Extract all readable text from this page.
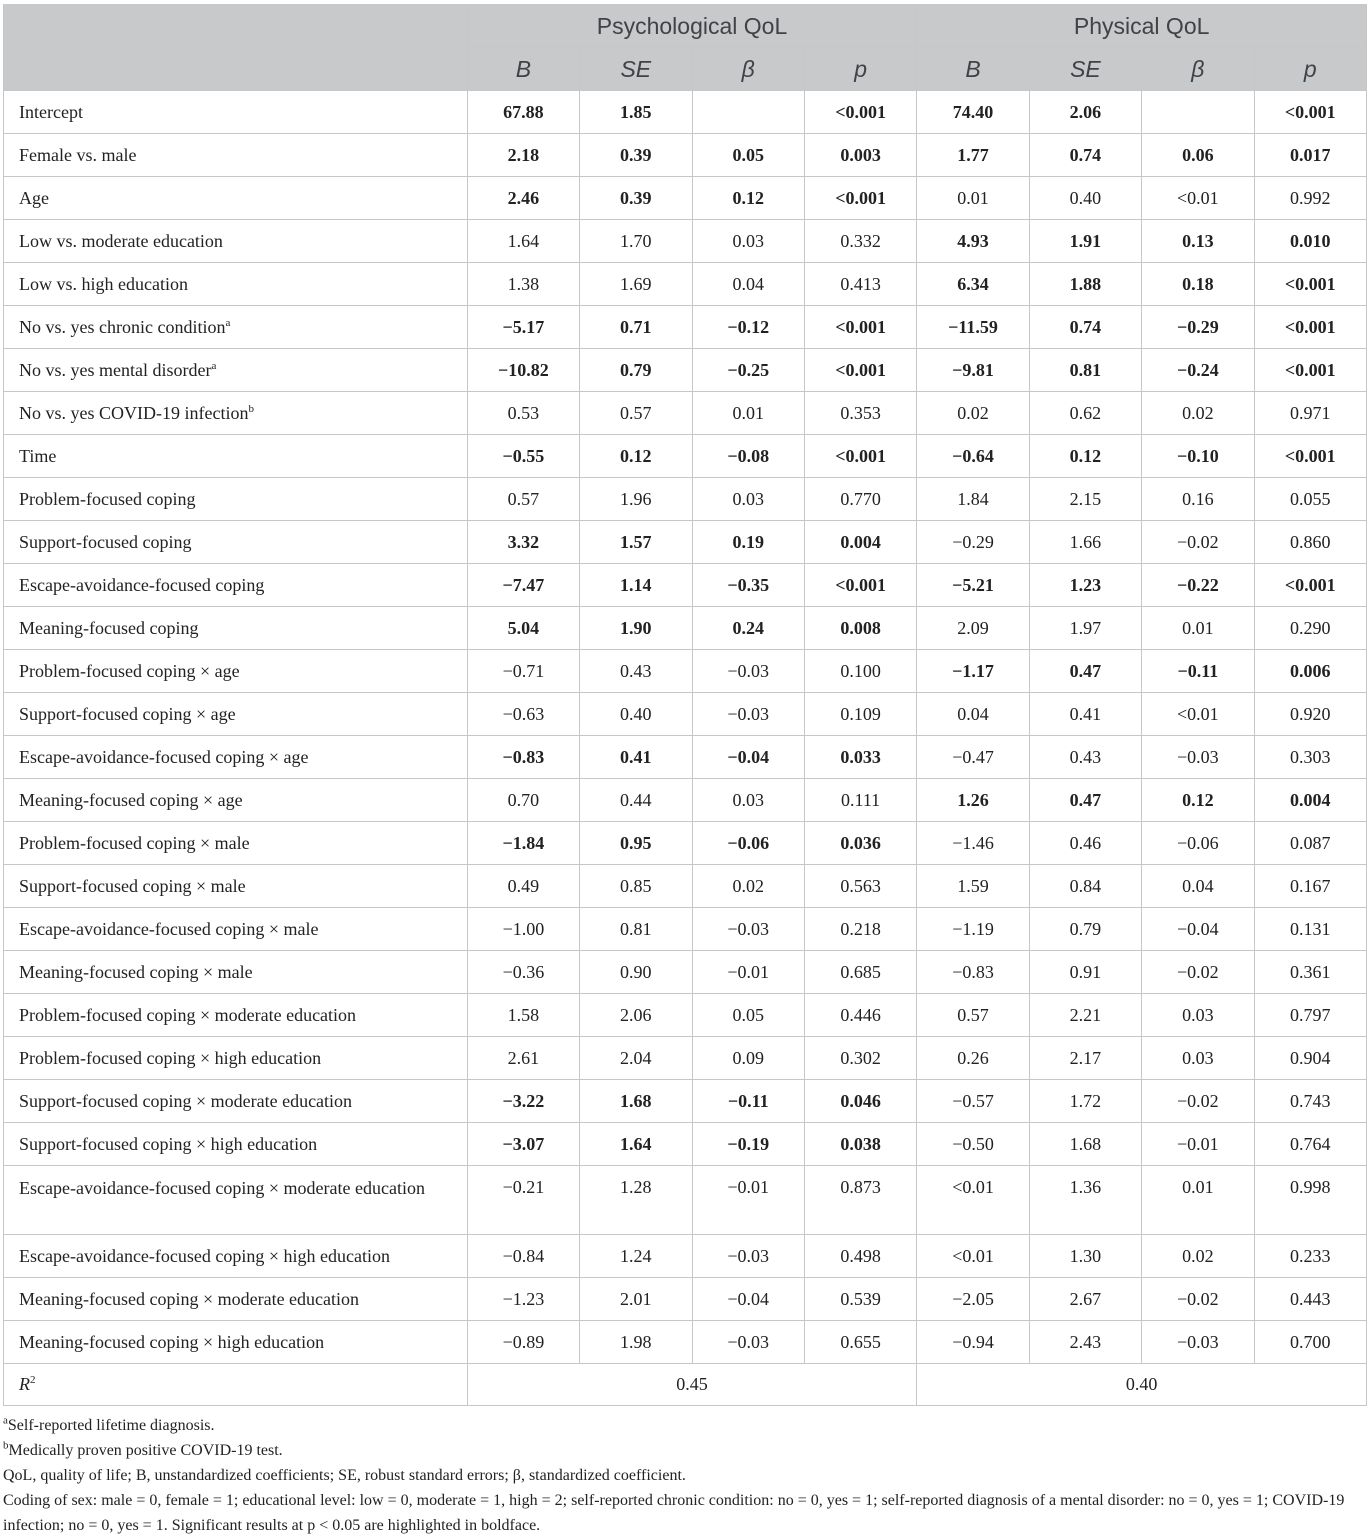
	Psychological QoL				Physical QoL			
	B	SE	β	p	B	SE	β	p
Intercept	67.88	1.85		<0.001	74.40	2.06		<0.001
Female vs. male	2.18	0.39	0.05	0.003	1.77	0.74	0.06	0.017
Age	2.46	0.39	0.12	<0.001	0.01	0.40	<0.01	0.992
Low vs. moderate education	1.64	1.70	0.03	0.332	4.93	1.91	0.13	0.010
Low vs. high education	1.38	1.69	0.04	0.413	6.34	1.88	0.18	<0.001
No vs. yes chronic condition$^a$	−5.17	0.71	−0.12	<0.001	−11.59	0.74	−0.29	<0.001
No vs. yes mental disorder$^a$	−10.82	0.79	−0.25	<0.001	−9.81	0.81	−0.24	<0.001
No vs. yes COVID-19 infection$^b$	0.53	0.57	0.01	0.353	0.02	0.62	0.02	0.971
Time	−0.55	0.12	−0.08	<0.001	−0.64	0.12	−0.10	<0.001
Problem-focused coping	0.57	1.96	0.03	0.770	1.84	2.15	0.16	0.055
Support-focused coping	3.32	1.57	0.19	0.004	−0.29	1.66	−0.02	0.860
Escape-avoidance-focused coping	−7.47	1.14	−0.35	<0.001	−5.21	1.23	−0.22	<0.001
Meaning-focused coping	5.04	1.90	0.24	0.008	2.09	1.97	0.01	0.290
Problem-focused coping × age	−0.71	0.43	−0.03	0.100	−1.17	0.47	−0.11	0.006
Support-focused coping × age	−0.63	0.40	−0.03	0.109	0.04	0.41	<0.01	0.920
Escape-avoidance-focused coping × age	−0.83	0.41	−0.04	0.033	−0.47	0.43	−0.03	0.303
Meaning-focused coping × age	0.70	0.44	0.03	0.111	1.26	0.47	0.12	0.004
Problem-focused coping × male	−1.84	0.95	−0.06	0.036	−1.46	0.46	−0.06	0.087
Support-focused coping × male	0.49	0.85	0.02	0.563	1.59	0.84	0.04	0.167
Escape-avoidance-focused coping × male	−1.00	0.81	−0.03	0.218	−1.19	0.79	−0.04	0.131
Meaning-focused coping × male	−0.36	0.90	−0.01	0.685	−0.83	0.91	−0.02	0.361
Problem-focused coping × moderate education	1.58	2.06	0.05	0.446	0.57	2.21	0.03	0.797
Problem-focused coping × high education	2.61	2.04	0.09	0.302	0.26	2.17	0.03	0.904
Support-focused coping × moderate education	−3.22	1.68	−0.11	0.046	−0.57	1.72	−0.02	0.743
Support-focused coping × high education	−3.07	1.64	−0.19	0.038	−0.50	1.68	−0.01	0.764
Escape-avoidance-focused coping × moderate education	−0.21	1.28	−0.01	0.873	<0.01	1.36	0.01	0.998
Escape-avoidance-focused coping × high education	−0.84	1.24	−0.03	0.498	<0.01	1.30	0.02	0.233
Meaning-focused coping × moderate education	−1.23	2.01	−0.04	0.539	−2.05	2.67	−0.02	0.443
Meaning-focused coping × high education	−0.89	1.98	−0.03	0.655	−0.94	2.43	−0.03	0.700
$R^2$	0.45				0.40			

$^a$Self-reported lifetime diagnosis.

$^b$Medically proven positive COVID-19 test.

QoL, quality of life; B, unstandardized coefficients; SE, robust standard errors; β, standardized coefficient.

Coding of sex: male = 0, female = 1; educational level: low = 0, moderate = 1, high = 2; self-reported chronic condition: no = 0, yes = 1; self-reported diagnosis of a mental disorder: no = 0, yes = 1; COVID-19 infection; no = 0, yes = 1. Significant results at p < 0.05 are highlighted in boldface.
